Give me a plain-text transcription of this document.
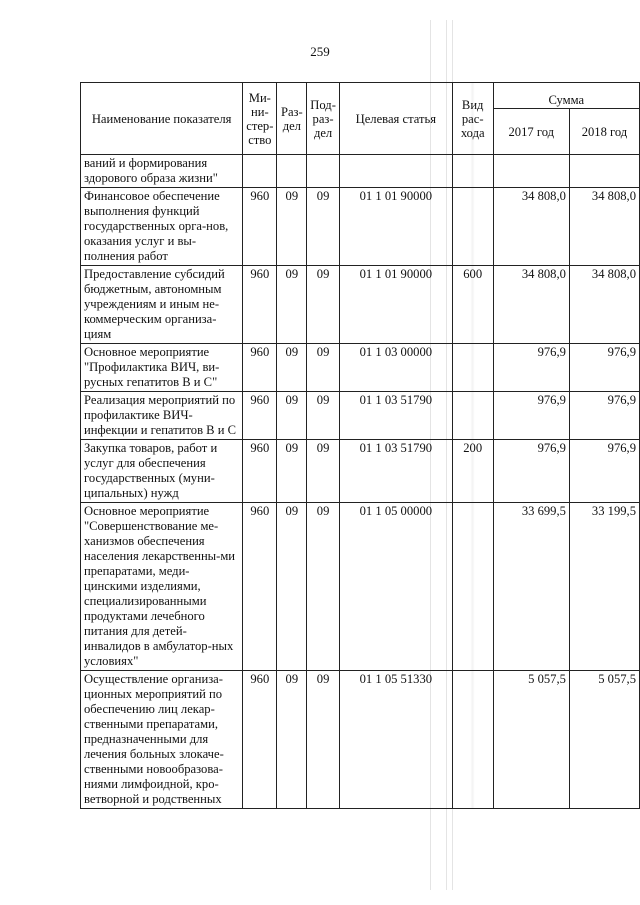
259
Наименование показателя	Ми-ни-стер-ство	Раз-дел	Под-раз-дел	Целевая статья	Вид рас-хода	Сумма	
						2017 год	2018 год
ваний и формирования здорового образа жизни"							
Финансовое обеспечение выполнения функций государственных орга-нов, оказания услуг и вы-полнения работ	960	09	09	01 1 01 90000		34 808,0	34 808,0
Предоставление субсидий бюджетным, автономным учреждениям и иным не-коммерческим организа-циям	960	09	09	01 1 01 90000	600	34 808,0	34 808,0
Основное мероприятие "Профилактика ВИЧ, ви-русных гепатитов В и С"	960	09	09	01 1 03 00000		976,9	976,9
Реализация мероприятий по профилактике ВИЧ-инфекции и гепатитов В и С	960	09	09	01 1 03 51790		976,9	976,9
Закупка товаров, работ и услуг для обеспечения государственных (муни-ципальных) нужд	960	09	09	01 1 03 51790	200	976,9	976,9
Основное мероприятие "Совершенствование ме-ханизмов обеспечения населения лекарственны-ми препаратами, меди-цинскими изделиями, специализированными продуктами лечебного питания для детей-инвалидов в амбулатор-ных условиях"	960	09	09	01 1 05 00000		33 699,5	33 199,5
Осуществление организа-ционных мероприятий по обеспечению лиц лекар-ственными препаратами, предназначенными для лечения больных злокаче-ственными новообразова-ниями лимфоидной, кро-ветворной и родственных	960	09	09	01 1 05 51330		5 057,5	5 057,5
